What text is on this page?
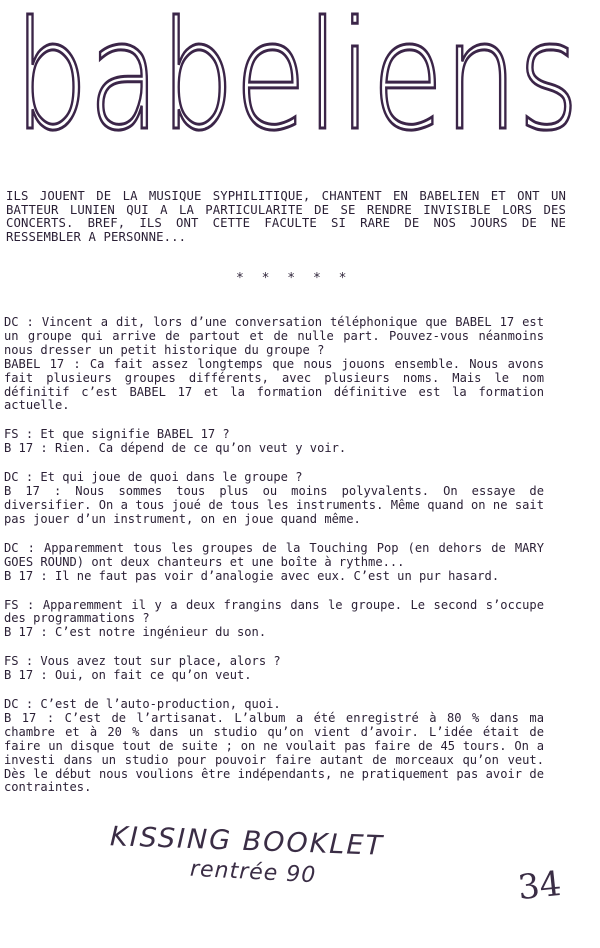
babeliens

ILS JOUENT DE LA MUSIQUE SYPHILITIQUE, CHANTENT EN BABELIEN ET ONT UN BATTEUR LUNIEN QUI A LA PARTICULARITE DE SE RENDRE INVISIBLE LORS DES CONCERTS. BREF, ILS ONT CETTE FACULTE SI RARE DE NOS JOURS DE NE RESSEMBLER A PERSONNE...

* * * * *

DC : Vincent a dit, lors d’une conversation téléphonique que BABEL 17 est un groupe qui arrive de partout et de nulle part. Pouvez-vous néanmoins nous dresser un petit historique du groupe ?

BABEL 17 : Ca fait assez longtemps que nous jouons ensemble. Nous avons fait plusieurs groupes différents, avec plusieurs noms. Mais le nom définitif c’est BABEL 17 et la formation définitive est la formation actuelle.

FS : Et que signifie BABEL 17 ?

B 17 : Rien. Ca dépend de ce qu’on veut y voir.

DC : Et qui joue de quoi dans le groupe ?

B 17 : Nous sommes tous plus ou moins polyvalents. On essaye de diversifier. On a tous joué de tous les instruments. Même quand on ne sait pas jouer d’un instrument, on en joue quand même.

DC : Apparemment tous les groupes de la Touching Pop (en dehors de MARY GOES ROUND) ont deux chanteurs et une boîte à rythme...

B 17 : Il ne faut pas voir d’analogie avec eux. C’est un pur hasard.

FS : Apparemment il y a deux frangins dans le groupe. Le second s’occupe des programmations ?

B 17 : C’est notre ingénieur du son.

FS : Vous avez tout sur place, alors ?

B 17 : Oui, on fait ce qu’on veut.

DC : C’est de l’auto-production, quoi.

B 17 : C’est de l’artisanat. L’album a été enregistré à 80 % dans ma chambre et à 20 % dans un studio qu’on vient d’avoir. L’idée était de faire un disque tout de suite ; on ne voulait pas faire de 45 tours. On a investi dans un studio pour pouvoir faire autant de morceaux qu’on veut. Dès le début nous voulions être indépendants, ne pratiquement pas avoir de contraintes.

KISSING BOOKLET
rentrée 90	34
